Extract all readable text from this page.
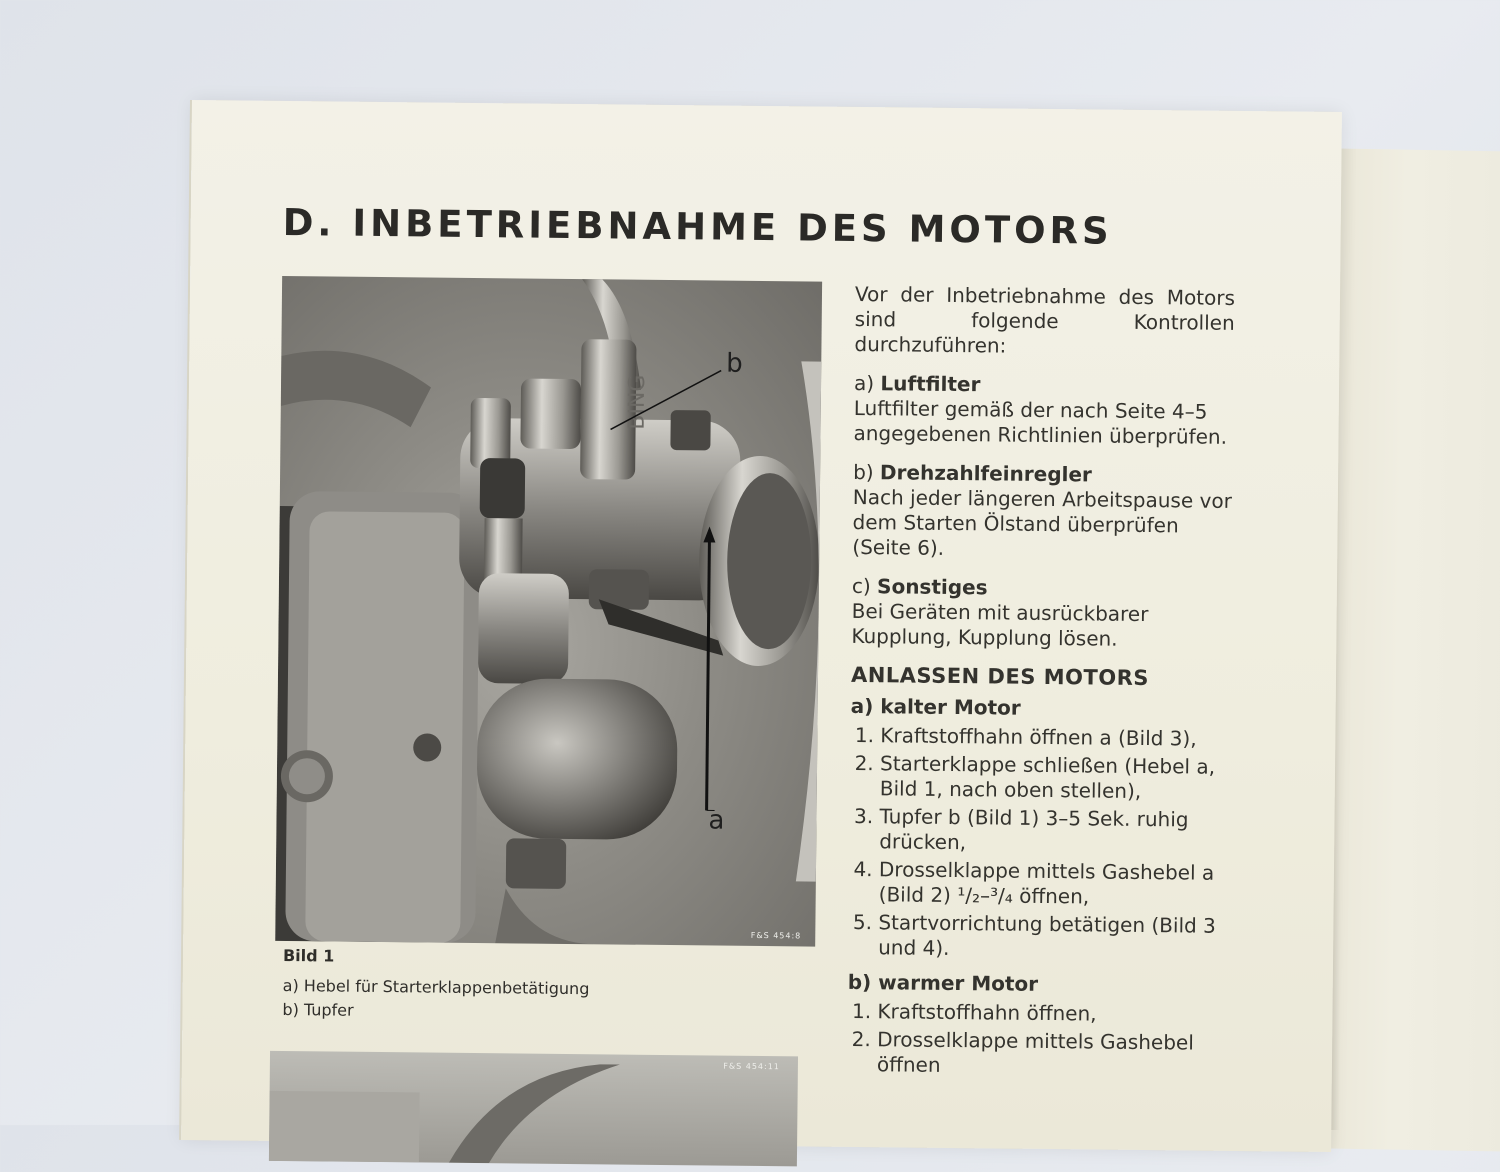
D. INBETRIEBNAHME DES MOTORS
BING
b
a
F&S 454:8
Bild 1
a) Hebel für Starterklappenbetätigung
b) Tupfer
F&S 454:11

Vor der Inbetriebnahme des Motors sind folgende Kontrollen durchzuführen:

a) Luftfilter

Luftfilter gemäß der nach Seite 4–5 angegebenen Richtlinien überprüfen.

b) Drehzahlfeinregler

Nach jeder längeren Arbeitspause vor dem Starten Ölstand überprüfen (Seite 6).

c) Sonstiges

Bei Geräten mit ausrückbarer Kupplung, Kupplung lösen.

ANLASSEN DES MOTORS

a) kalter Motor

1. Kraftstoffhahn öffnen a (Bild 3),
2. Starterklappe schließen (Hebel a, Bild 1, nach oben stellen),
3. Tupfer b (Bild 1) 3–5 Sek. ruhig drücken,
4. Drosselklappe mittels Gashebel a (Bild 2) ¹/₂–³/₄ öffnen,
5. Startvorrichtung betätigen (Bild 3 und 4).

b) warmer Motor

1. Kraftstoffhahn öffnen,
2. Drosselklappe mittels Gashebel öffnen
